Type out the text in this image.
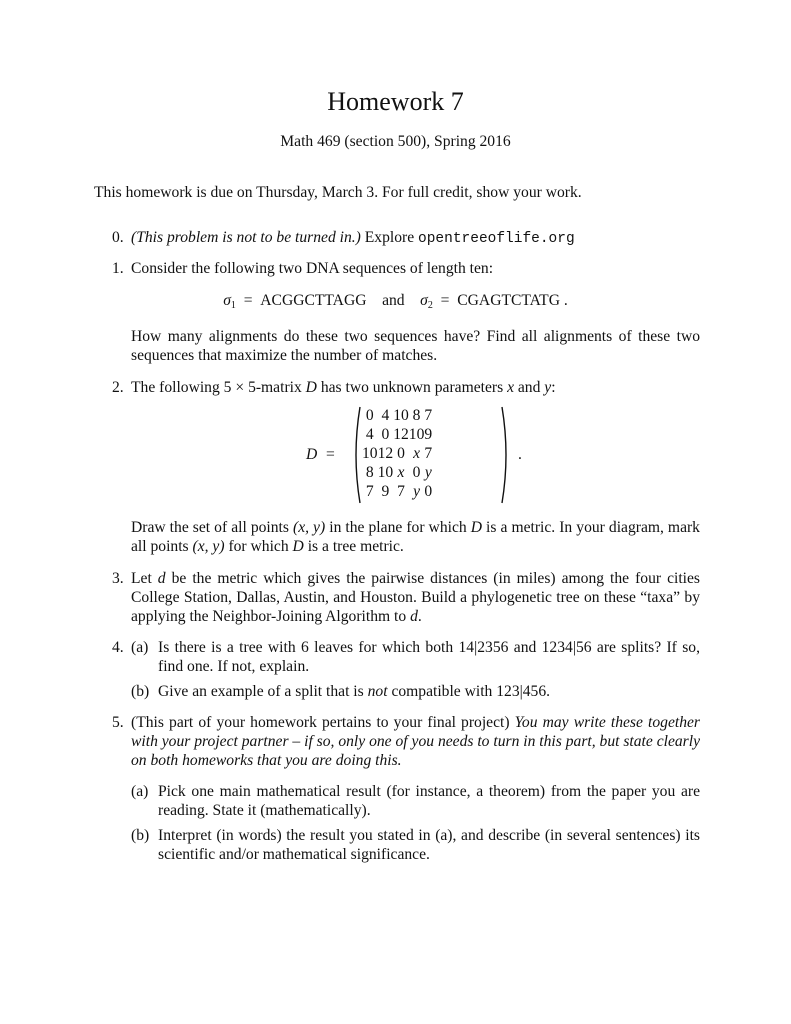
Homework 7
Math 469 (section 500), Spring 2016
This homework is due on Thursday, March 3. For full credit, show your work.
0. (This problem is not to be turned in.) Explore opentreeoflife.org
1. Consider the following two DNA sequences of length ten:
$\sigma_1$ = ACGGCTTAGG and $\sigma_2$ = CGAGTCTATG .
How many alignments do these two sequences have? Find all alignments of these two sequences that maximize the number of matches.
2. The following 5 × 5-matrix D has two unknown parameters x and y:
D =
0	4	10	8	7
4	0	12	10	9
10	12	0	x	7
8	10	x	0	y
7	9	7	y	0
.
Draw the set of all points (x, y) in the plane for which D is a metric. In your diagram, mark all points (x, y) for which D is a tree metric.
3. Let d be the metric which gives the pairwise distances (in miles) among the four cities College Station, Dallas, Austin, and Houston. Build a phylogenetic tree on these “taxa” by applying the Neighbor-Joining Algorithm to d.
4. (a) Is there is a tree with 6 leaves for which both 14|2356 and 1234|56 are splits? If so, find one. If not, explain.
(b) Give an example of a split that is not compatible with 123|456.
5. (This part of your homework pertains to your final project) You may write these together with your project partner – if so, only one of you needs to turn in this part, but state clearly on both homeworks that you are doing this.
(a) Pick one main mathematical result (for instance, a theorem) from the paper you are reading. State it (mathematically).
(b) Interpret (in words) the result you stated in (a), and describe (in several sentences) its scientific and/or mathematical significance.
